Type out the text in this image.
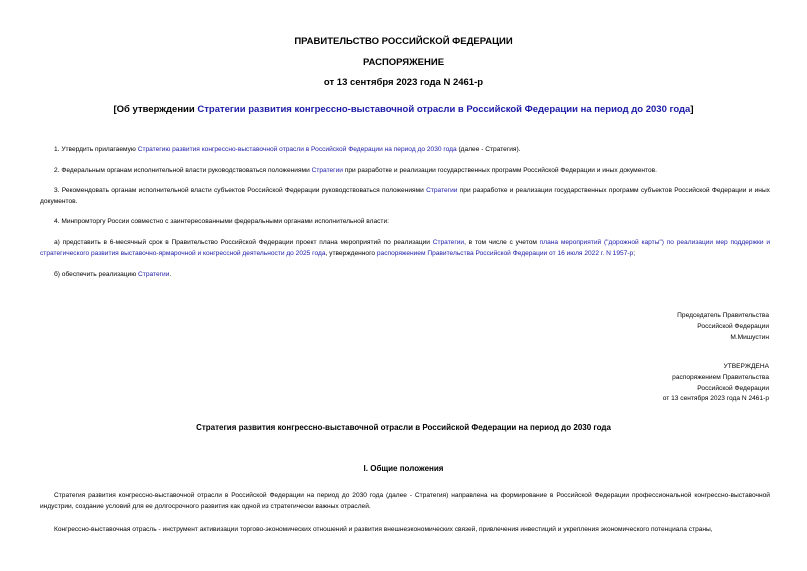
ПРАВИТЕЛЬСТВО РОССИЙСКОЙ ФЕДЕРАЦИИ
РАСПОРЯЖЕНИЕ
от 13 сентября 2023 года N 2461-р
[Об утверждении Стратегии развития конгрессно-выставочной отрасли в Российской Федерации на период до 2030 года]
1. Утвердить прилагаемую Стратегию развития конгрессно-выставочной отрасли в Российской Федерации на период до 2030 года (далее - Стратегия).
2. Федеральным органам исполнительной власти руководствоваться положениями Стратегии при разработке и реализации государственных программ Российской Федерации и иных документов.
3. Рекомендовать органам исполнительной власти субъектов Российской Федерации руководствоваться положениями Стратегии при разработке и реализации государственных программ субъектов Российской Федерации и иных документов.
4. Минпромторгу России совместно с заинтересованными федеральными органами исполнительной власти:
а) представить в 6-месячный срок в Правительство Российской Федерации проект плана мероприятий по реализации Стратегии, в том числе с учетом плана мероприятий ("дорожной карты") по реализации мер поддержки и стратегического развития выставочно-ярмарочной и конгрессной деятельности до 2025 года, утвержденного распоряжением Правительства Российской Федерации от 16 июля 2022 г. N 1957-р;
б) обеспечить реализацию Стратегии.
Председатель Правительства
Российской Федерации
М.Мишустин
УТВЕРЖДЕНА
распоряжением Правительства
Российской Федерации
от 13 сентября 2023 года N 2461-р
Стратегия развития конгрессно-выставочной отрасли в Российской Федерации на период до 2030 года
I. Общие положения
Стратегия развития конгрессно-выставочной отрасли в Российской Федерации на период до 2030 года (далее - Стратегия) направлена на формирование в Российской Федерации профессиональной конгрессно-выставочной индустрии, создание условий для ее долгосрочного развития как одной из стратегически важных отраслей.
Конгрессно-выставочная отрасль - инструмент активизации торгово-экономических отношений и развития внешнеэкономических связей, привлечения инвестиций и укрепления экономического потенциала страны,
